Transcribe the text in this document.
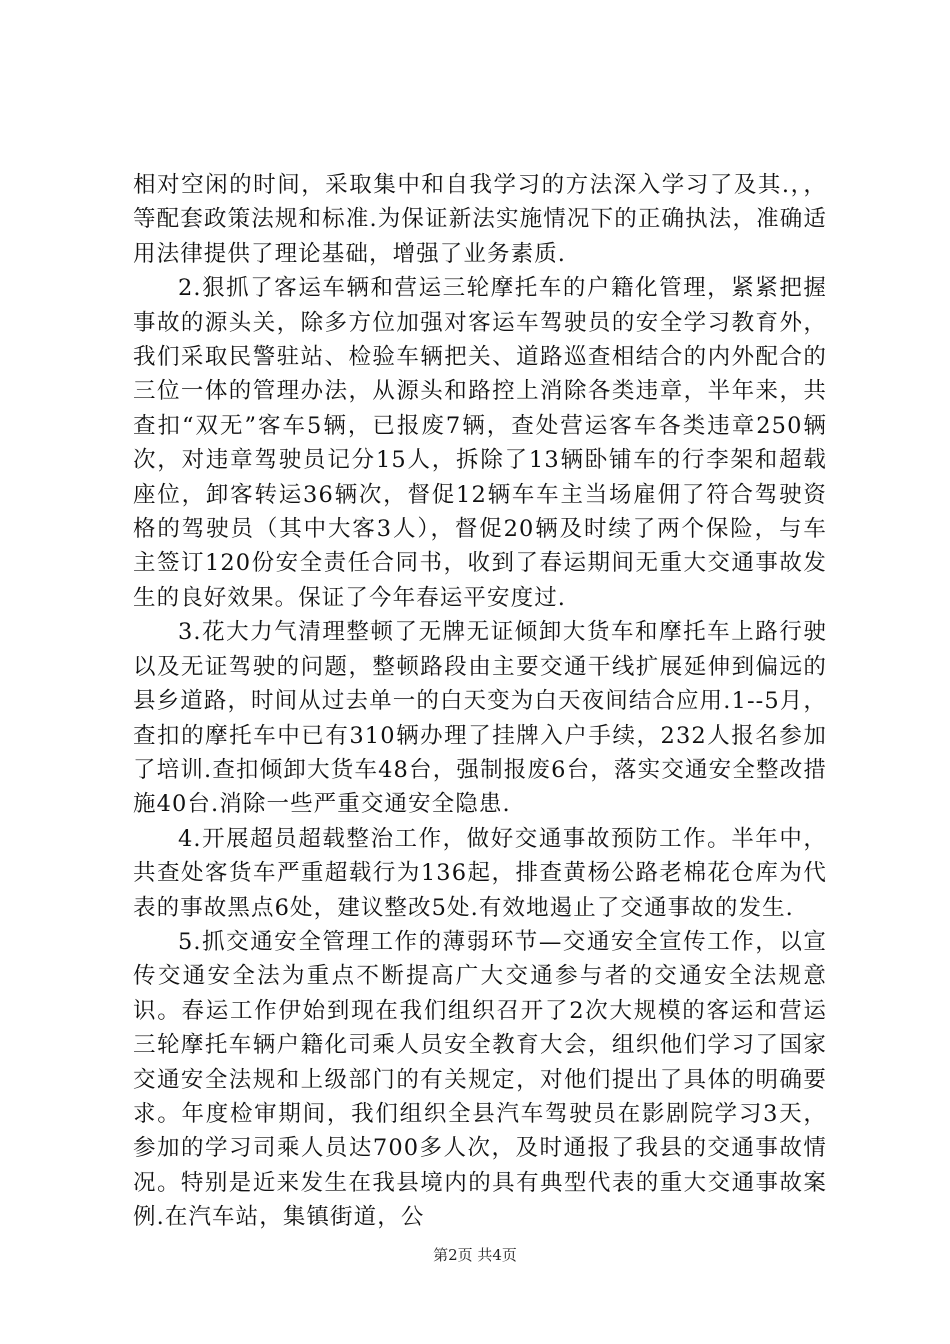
相对空闲的时间，采取集中和自我学习的方法深入学习了及其.，，等配套政策法规和标准.为保证新法实施情况下的正确执法，准确适用法律提供了理论基础，增强了业务素质.

2.狠抓了客运车辆和营运三轮摩托车的户籍化管理，紧紧把握事故的源头关，除多方位加强对客运车驾驶员的安全学习教育外，我们采取民警驻站、检验车辆把关、道路巡查相结合的内外配合的三位一体的管理办法，从源头和路控上消除各类违章，半年来，共查扣“双无”客车5辆，已报废7辆，查处营运客车各类违章250辆次，对违章驾驶员记分15人，拆除了13辆卧铺车的行李架和超载座位，卸客转运36辆次，督促12辆车车主当场雇佣了符合驾驶资格的驾驶员（其中大客3人），督促20辆及时续了两个保险，与车主签订120份安全责任合同书，收到了春运期间无重大交通事故发生的良好效果。保证了今年春运平安度过.

3.花大力气清理整顿了无牌无证倾卸大货车和摩托车上路行驶以及无证驾驶的问题，整顿路段由主要交通干线扩展延伸到偏远的县乡道路，时间从过去单一的白天变为白天夜间结合应用.1--5月，查扣的摩托车中已有310辆办理了挂牌入户手续，232人报名参加了培训.查扣倾卸大货车48台，强制报废6台，落实交通安全整改措施40台.消除一些严重交通安全隐患.

4.开展超员超载整治工作，做好交通事故预防工作。半年中，共查处客货车严重超载行为136起，排查黄杨公路老棉花仓库为代表的事故黑点6处，建议整改5处.有效地遏止了交通事故的发生.

5.抓交通安全管理工作的薄弱环节—交通安全宣传工作，以宣传交通安全法为重点不断提高广大交通参与者的交通安全法规意识。春运工作伊始到现在我们组织召开了2次大规模的客运和营运三轮摩托车辆户籍化司乘人员安全教育大会，组织他们学习了国家交通安全法规和上级部门的有关规定，对他们提出了具体的明确要求。年度检审期间，我们组织全县汽车驾驶员在影剧院学习3天，参加的学习司乘人员达700多人次，及时通报了我县的交通事故情况。特别是近来发生在我县境内的具有典型代表的重大交通事故案例.在汽车站，集镇街道，公

第2页 共4页
